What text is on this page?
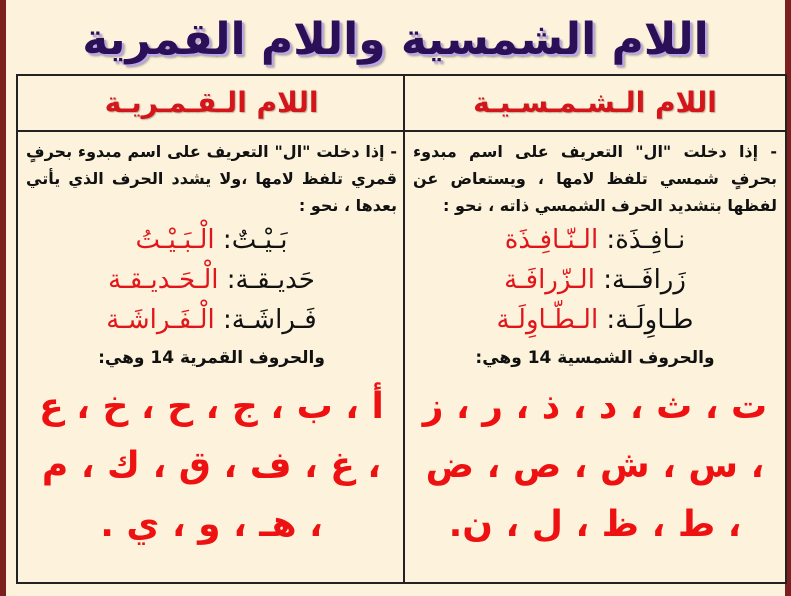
اللام الشمسية واللام القمرية
اللام الـشـمـسـيـة
- إذا دخلت "ال" التعريف على اسم مبدوء بحرفٍ شمسي تلفظ لامها ، ويستعاض عن لفظها بتشديد الحرف الشمسي ذاته ، نحو :
نـافِـذَة: الـنّـافِـذَة
زَرافَــة: الـزّرافَـة
طـاوِلَـة: الـطّـاوِلَـة
والحروف الشمسية 14 وهي:
ت ، ث ، د ، ذ ، ر ، ز ، س ، ش ، ص ، ض ، ط ، ظ ، ل ، ن.
اللام الـقـمـريـة
- إذا دخلت "ال" التعريف على اسم مبدوء بحرفٍ قمري تلفظ لامها ،ولا يشدد الحرف الذي يأتي بعدها ، نحو :
بَـيْـتٌ: الْـبَـيْـتُ
حَديـقـة: الْـحَـديـقـة
فَـراشَـة: الْـفَـراشَـة
والحروف القمرية 14 وهي:
أ ، ب ، ج ، ح ، خ ، ع ، غ ، ف ، ق ، ك ، م ، هـ ، و ، ي .
